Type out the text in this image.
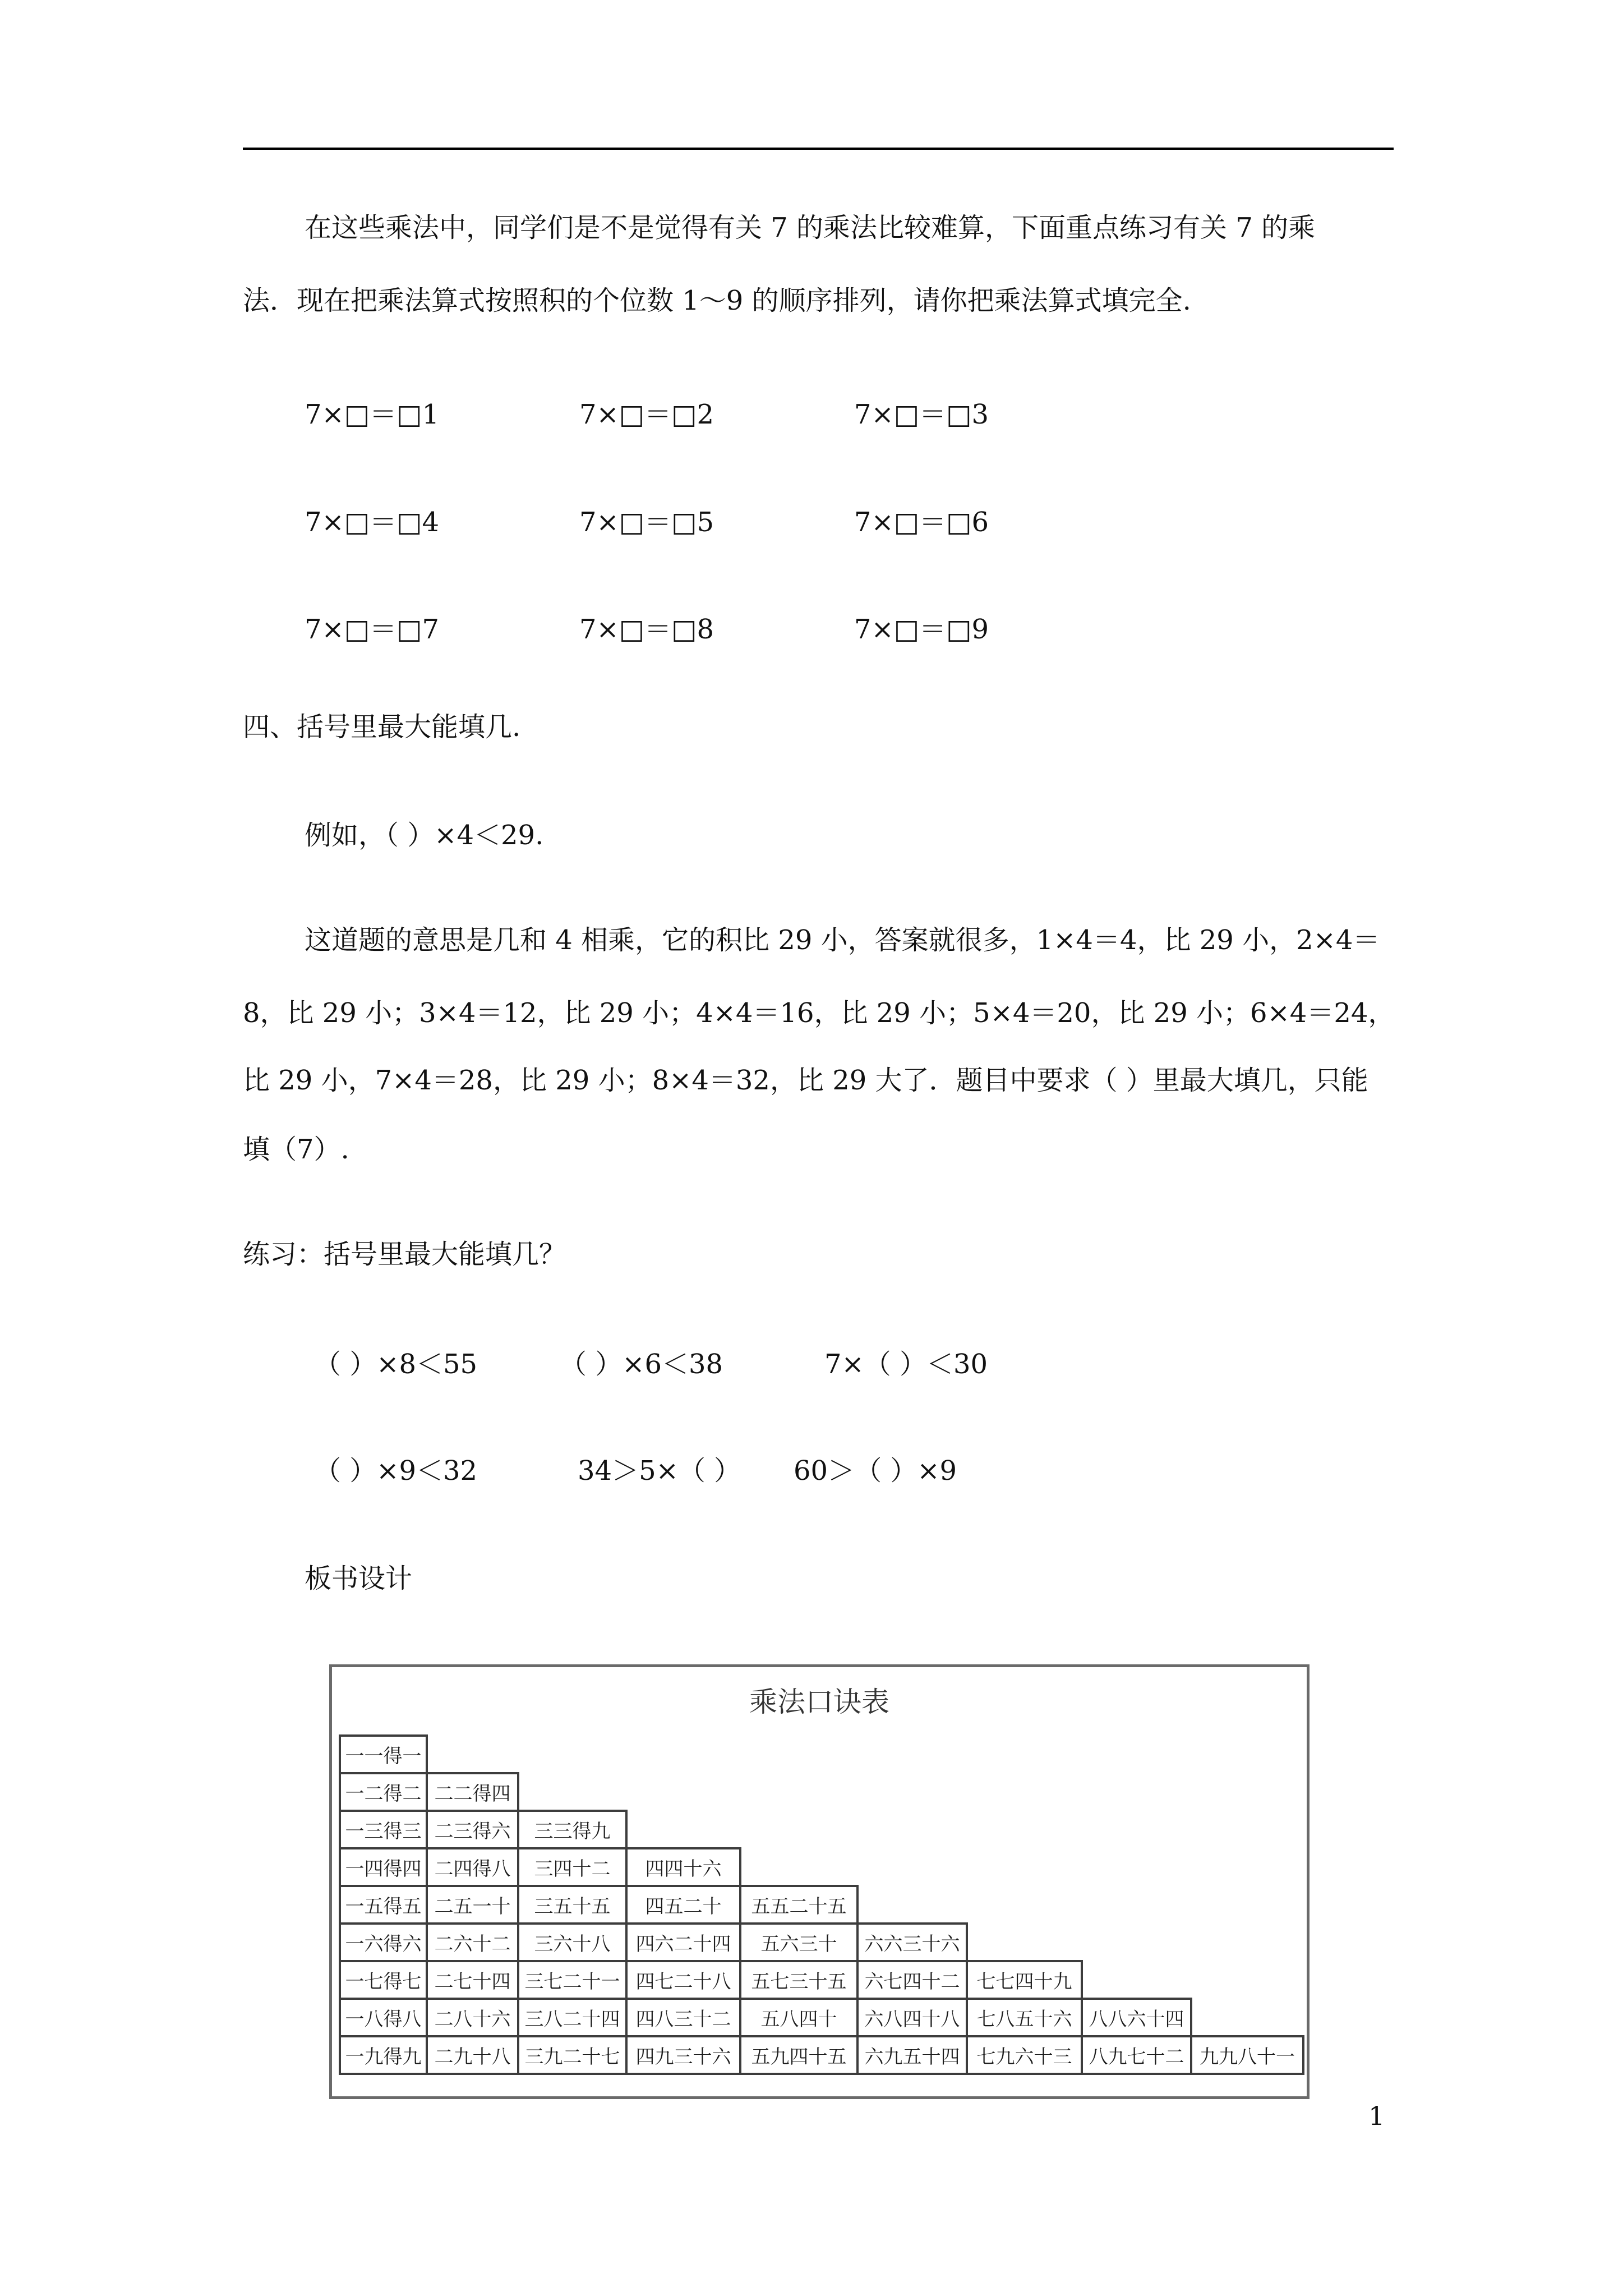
在这些乘法中，同学们是不是觉得有关 7 的乘法比较难算，下面重点练习有关 7 的乘
法．现在把乘法算式按照积的个位数 1～9 的顺序排列，请你把乘法算式填完全.
7×□＝□1	7×□＝□2	7×□＝□3
7×□＝□4	7×□＝□5	7×□＝□6
7×□＝□7	7×□＝□8	7×□＝□9
四、括号里最大能填几.
例如，（ ）×4＜29.
这道题的意思是几和 4 相乘，它的积比 29 小，答案就很多，1×4＝4，比 29 小，2×4＝
8，比 29 小；3×4＝12，比 29 小；4×4＝16，比 29 小；5×4＝20，比 29 小；6×4＝24，
比 29 小，7×4＝28，比 29 小；8×4＝32，比 29 大了．题目中要求（ ）里最大填几，只能
填（7）.
练习：括号里最大能填几？
（ ）×8＜55	（ ）×6＜38	7×（ ）＜30
（ ）×9＜32	34＞5×（ ） 60＞（ ）×9
板书设计
乘法口诀表
一一得一
一二得二 二二得四
一三得三 二三得六	三三得九
一四得四 二四得八	三四十二	四四十六
一五得五 二五一十	三五十五	四五二十	五五二十五
一六得六 二六十二	三六十八	四六二十四	五六三十	六六三十六
一七得七 二七十四 三七二十一 四七二十八	五七三十五 六七四十二 七七四十九
一八得八 二八十六 三八二十四 四八三十二	五八四十	六八四十八 七八五十六 八八六十四
一九得九 二九十八 三九二十七 四九三十六	五九四十五 六九五十四 七九六十三 八九七十二 九九八十一
1
